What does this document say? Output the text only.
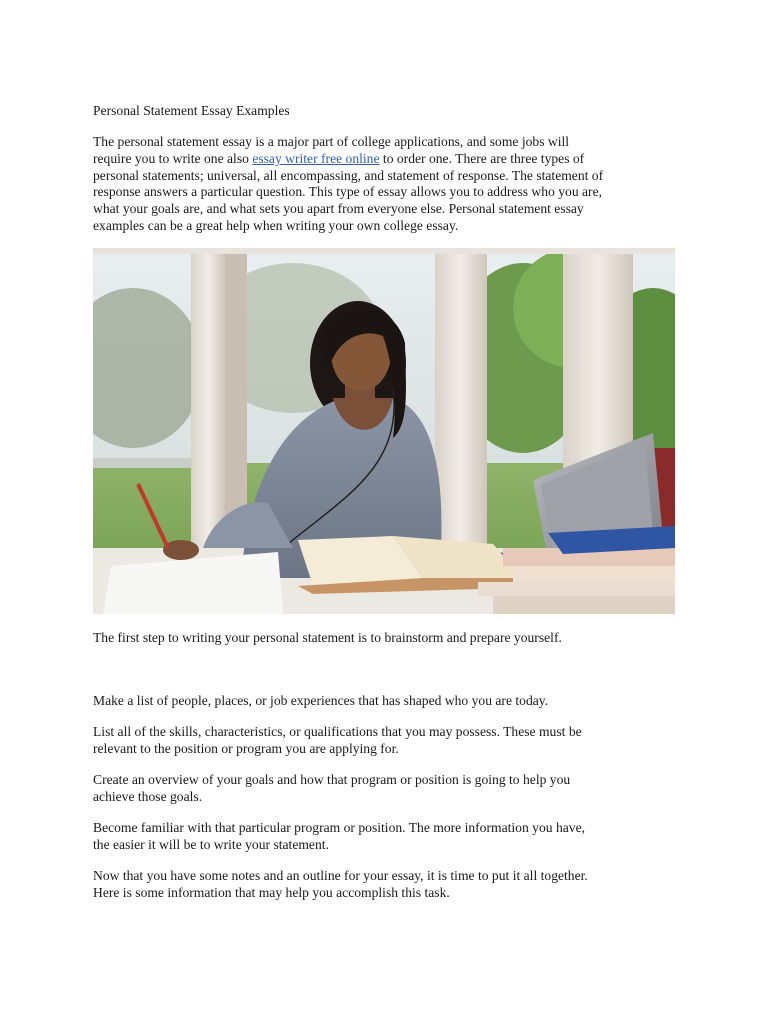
Personal Statement Essay Examples

The personal statement essay is a major part of college applications, and some jobs will
require you to write one also essay writer free online to order one. There are three types of
personal statements; universal, all encompassing, and statement of response. The statement of
response answers a particular question. This type of essay allows you to address who you are,
what your goals are, and what sets you apart from everyone else. Personal statement essay
examples can be a great help when writing your own college essay.

The first step to writing your personal statement is to brainstorm and prepare yourself.

Make a list of people, places, or job experiences that has shaped who you are today.

List all of the skills, characteristics, or qualifications that you may possess. These must be
relevant to the position or program you are applying for.

Create an overview of your goals and how that program or position is going to help you
achieve those goals.

Become familiar with that particular program or position. The more information you have,
the easier it will be to write your statement.

Now that you have some notes and an outline for your essay, it is time to put it all together.
Here is some information that may help you accomplish this task.
